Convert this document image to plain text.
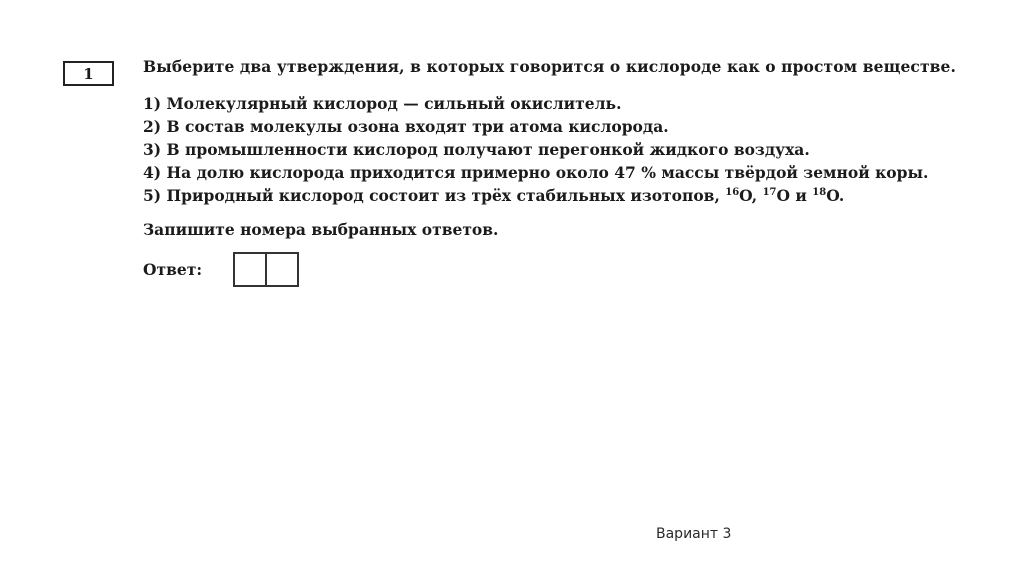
1	Выберите два утверждения, в которых говорится о кислороде как о простом веществе.
1) Молекулярный кислород — сильный окислитель.
2) В состав молекулы озона входят три атома кислорода.
3) В промышленности кислород получают перегонкой жидкого воздуха.
4) На долю кислорода приходится примерно около 47 % массы твёрдой земной коры.
5) Природный кислород состоит из трёх стабильных изотопов, $^{16}$O, $^{17}$O и $^{18}$O.
Запишите номера выбранных ответов.
Ответ:
Вариант 3
